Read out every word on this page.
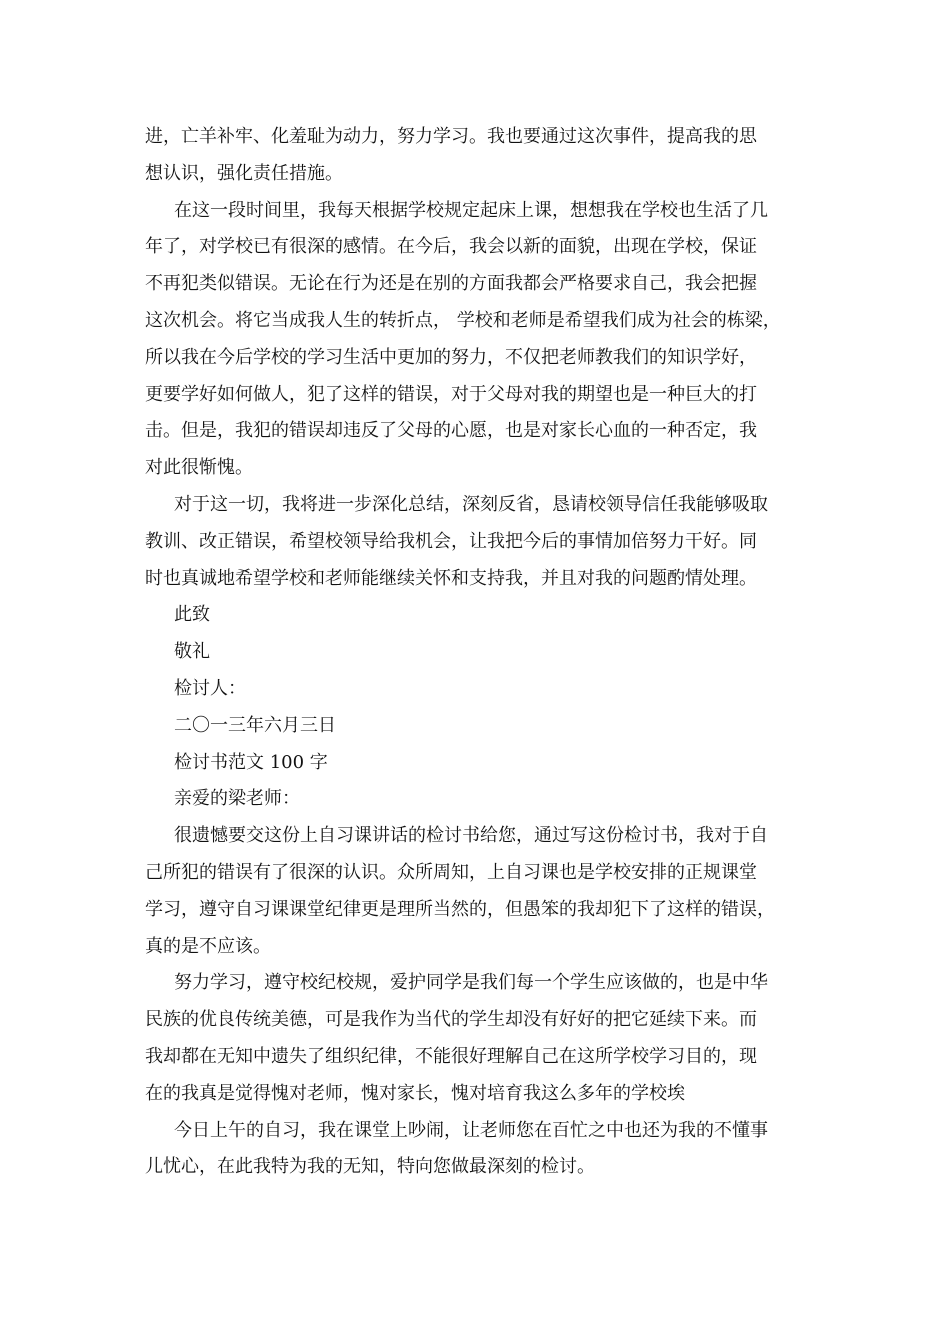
进，亡羊补牢、化羞耻为动力，努力学习。我也要通过这次事件，提高我的思
想认识，强化责任措施。
在这一段时间里，我每天根据学校规定起床上课，想想我在学校也生活了几
年了，对学校已有很深的感情。在今后，我会以新的面貌，出现在学校，保证
不再犯类似错误。无论在行为还是在别的方面我都会严格要求自己，我会把握
这次机会。将它当成我人生的转折点， 学校和老师是希望我们成为社会的栋梁，
所以我在今后学校的学习生活中更加的努力，不仅把老师教我们的知识学好，
更要学好如何做人，犯了这样的错误，对于父母对我的期望也是一种巨大的打
击。但是，我犯的错误却违反了父母的心愿，也是对家长心血的一种否定，我
对此很惭愧。
对于这一切，我将进一步深化总结，深刻反省，恳请校领导信任我能够吸取
教训、改正错误，希望校领导给我机会，让我把今后的事情加倍努力干好。同
时也真诚地希望学校和老师能继续关怀和支持我，并且对我的问题酌情处理。
此致
敬礼
检讨人：
二〇一三年六月三日
检讨书范文 100 字
亲爱的梁老师：
很遗憾要交这份上自习课讲话的检讨书给您，通过写这份检讨书，我对于自
己所犯的错误有了很深的认识。众所周知，上自习课也是学校安排的正规课堂
学习，遵守自习课课堂纪律更是理所当然的，但愚笨的我却犯下了这样的错误，
真的是不应该。
努力学习，遵守校纪校规，爱护同学是我们每一个学生应该做的，也是中华
民族的优良传统美德，可是我作为当代的学生却没有好好的把它延续下来。而
我却都在无知中遗失了组织纪律，不能很好理解自己在这所学校学习目的，现
在的我真是觉得愧对老师，愧对家长，愧对培育我这么多年的学校埃
今日上午的自习，我在课堂上吵闹，让老师您在百忙之中也还为我的不懂事
儿忧心，在此我特为我的无知，特向您做最深刻的检讨。
